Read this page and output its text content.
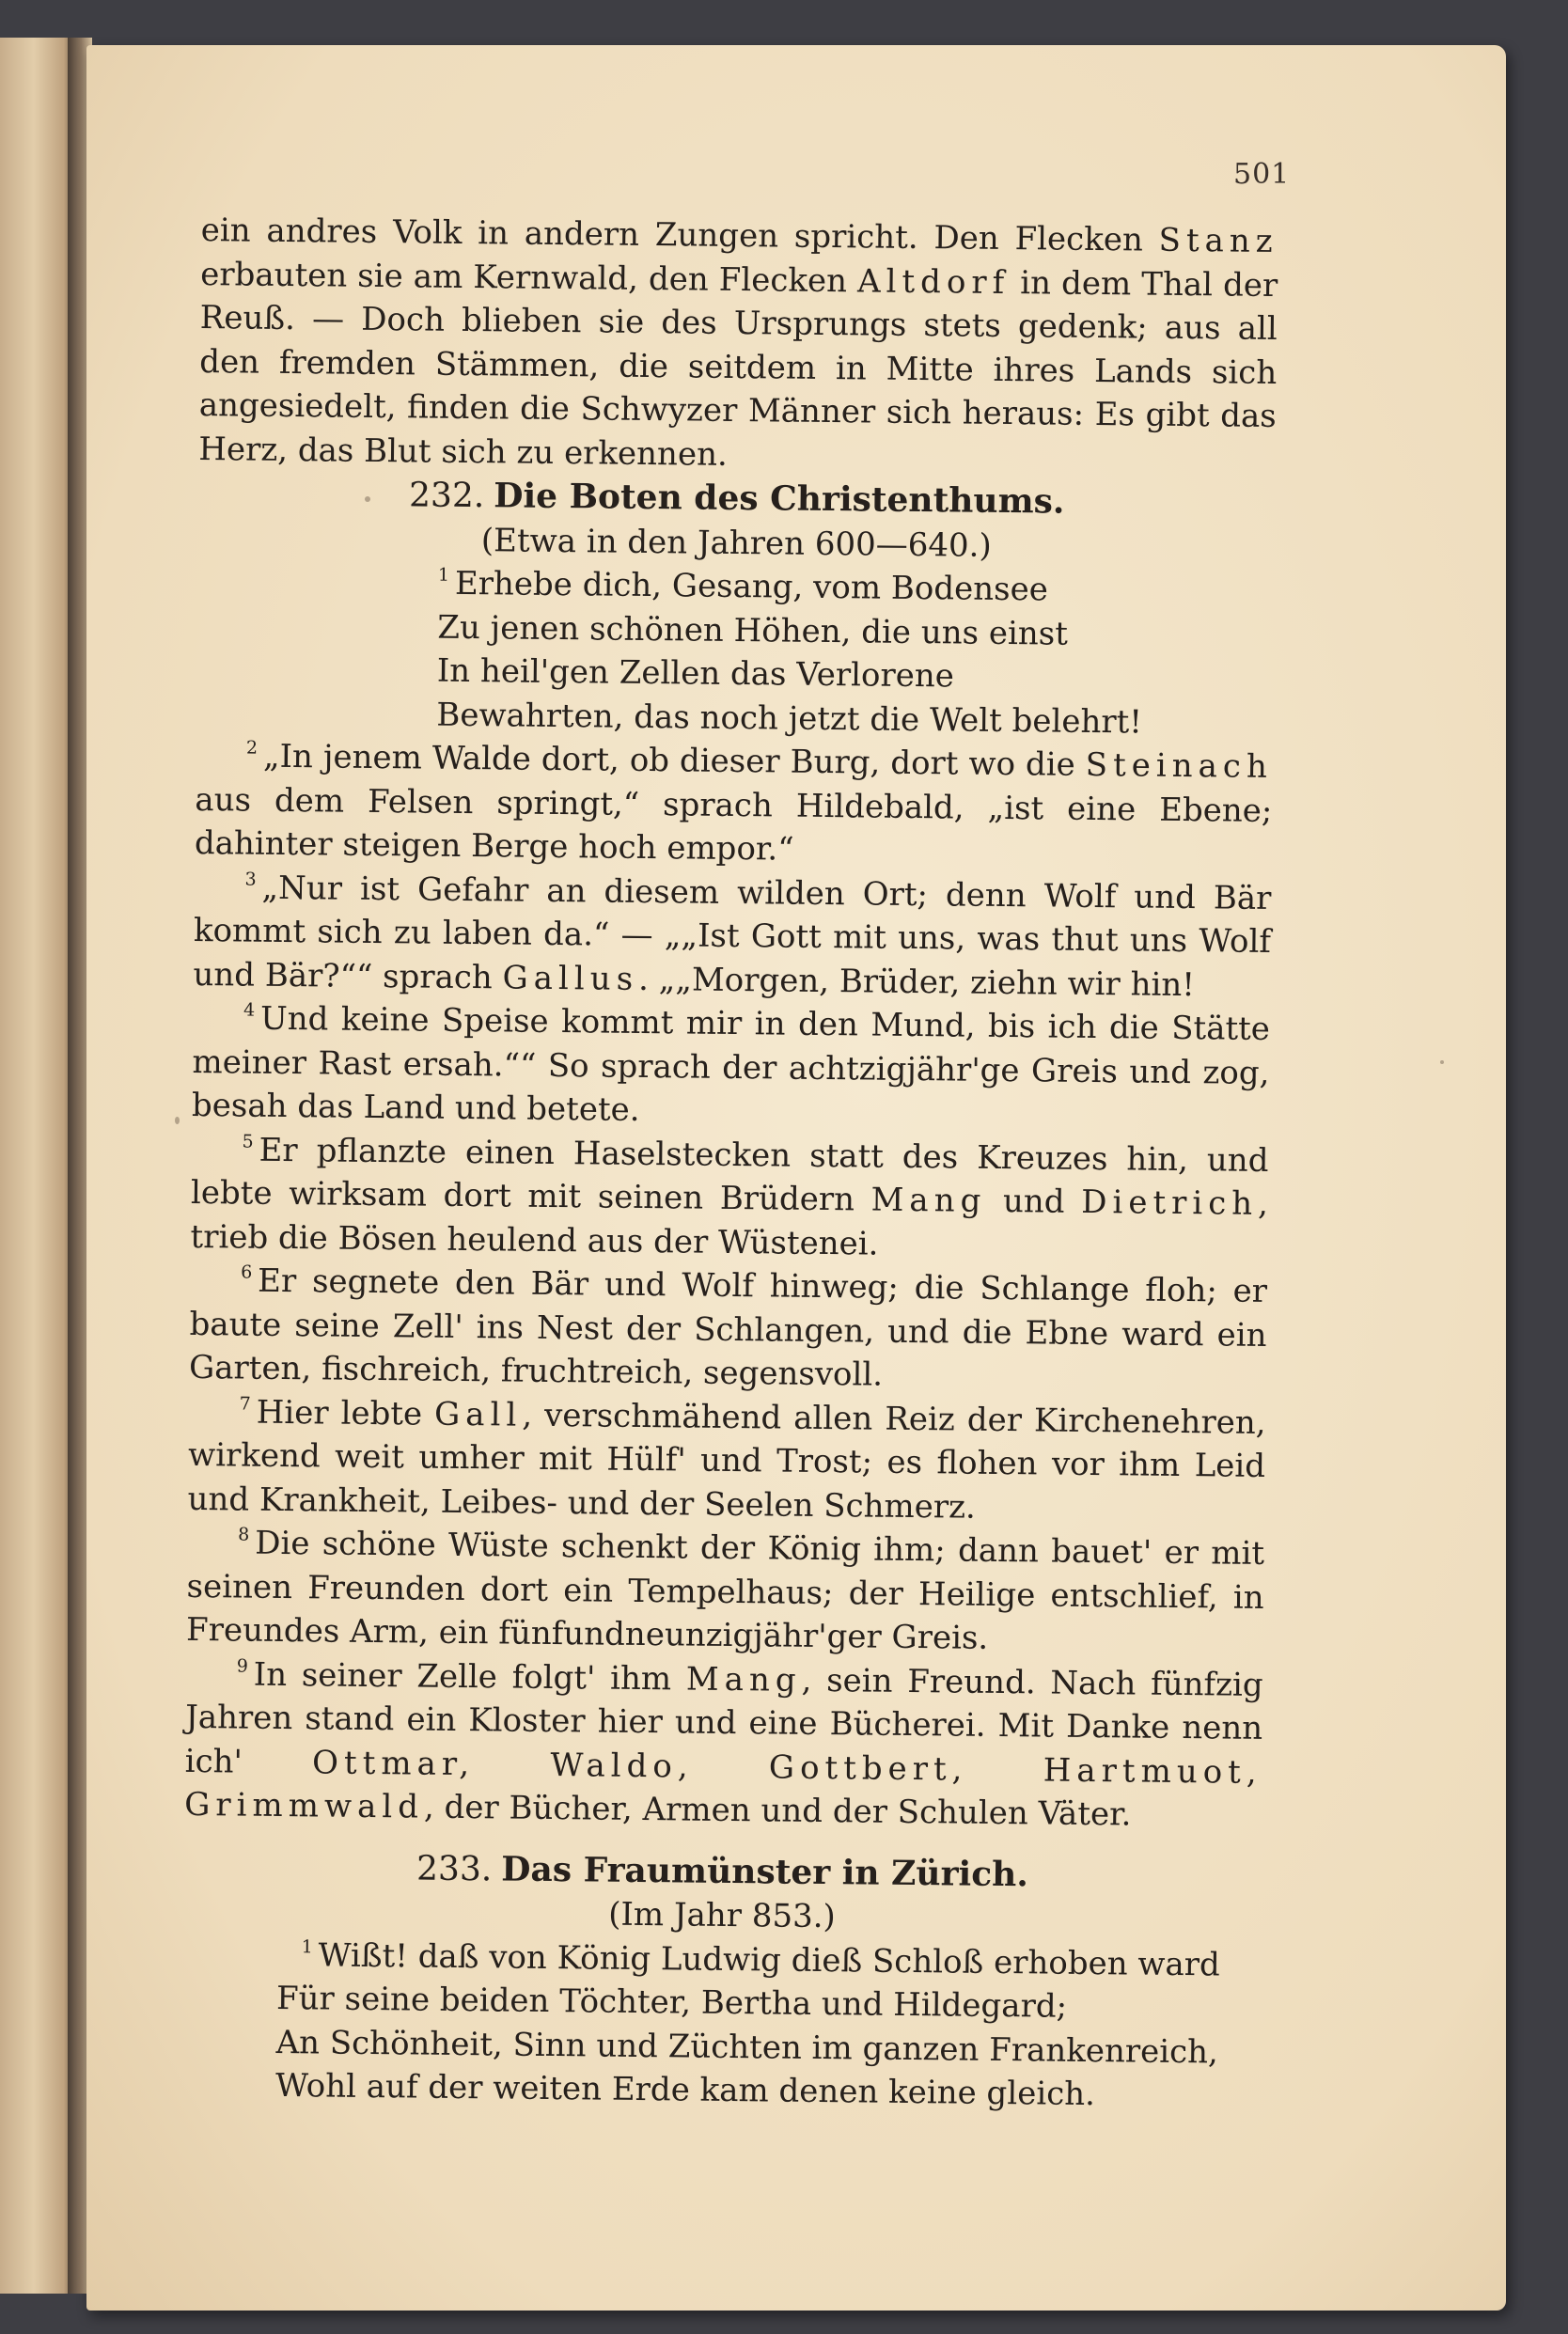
501

ein andres Volk in andern Zungen spricht. Den Flecken Stanz erbauten sie am Kernwald, den Flecken Altdorf in dem Thal der Reuß. — Doch blieben sie des Ursprungs stets gedenk; aus all den fremden Stämmen, die seitdem in Mitte ihres Lands sich angesiedelt, finden die Schwyzer Männer sich heraus: Es gibt das Herz, das Blut sich zu erkennen.

232. Die Boten des Christenthums.
(Etwa in den Jahren 600—640.)
$^1$ Erhebe dich, Gesang, vom Bodensee
Zu jenen schönen Höhen, die uns einst
In heil'gen Zellen das Verlorene
Bewahrten, das noch jetzt die Welt belehrt!

$^2$ „In jenem Walde dort, ob dieser Burg, dort wo die Steinach aus dem Felsen springt,“ sprach Hildebald, „ist eine Ebene; dahinter steigen Berge hoch empor.“

$^3$ „Nur ist Gefahr an diesem wilden Ort; denn Wolf und Bär kommt sich zu laben da.“ — „„Ist Gott mit uns, was thut uns Wolf und Bär?““ sprach Gallus. „„Morgen, Brüder, ziehn wir hin!

$^4$ Und keine Speise kommt mir in den Mund, bis ich die Stätte meiner Rast ersah.““ So sprach der achtzigjähr'ge Greis und zog, besah das Land und betete.

$^5$ Er pflanzte einen Haselstecken statt des Kreuzes hin, und lebte wirksam dort mit seinen Brüdern Mang und Dietrich, trieb die Bösen heulend aus der Wüstenei.

$^6$ Er segnete den Bär und Wolf hinweg; die Schlange floh; er baute seine Zell' ins Nest der Schlangen, und die Ebne ward ein Garten, fischreich, fruchtreich, segensvoll.

$^7$ Hier lebte Gall, verschmähend allen Reiz der Kirchenehren, wirkend weit umher mit Hülf' und Trost; es flohen vor ihm Leid und Krankheit, Leibes- und der Seelen Schmerz.

$^8$ Die schöne Wüste schenkt der König ihm; dann bauet' er mit seinen Freunden dort ein Tempelhaus; der Heilige entschlief, in Freundes Arm, ein fünfundneunzigjähr'ger Greis.

$^9$ In seiner Zelle folgt' ihm Mang, sein Freund. Nach fünfzig Jahren stand ein Kloster hier und eine Bücherei. Mit Danke nenn ich' Ottmar, Waldo, Gottbert, Hartmuot, Grimmwald, der Bücher, Armen und der Schulen Väter.

233. Das Fraumünster in Zürich.
(Im Jahr 853.)
$^1$ Wißt! daß von König Ludwig dieß Schloß erhoben ward
Für seine beiden Töchter, Bertha und Hildegard;
An Schönheit, Sinn und Züchten im ganzen Frankenreich,
Wohl auf der weiten Erde kam denen keine gleich.
